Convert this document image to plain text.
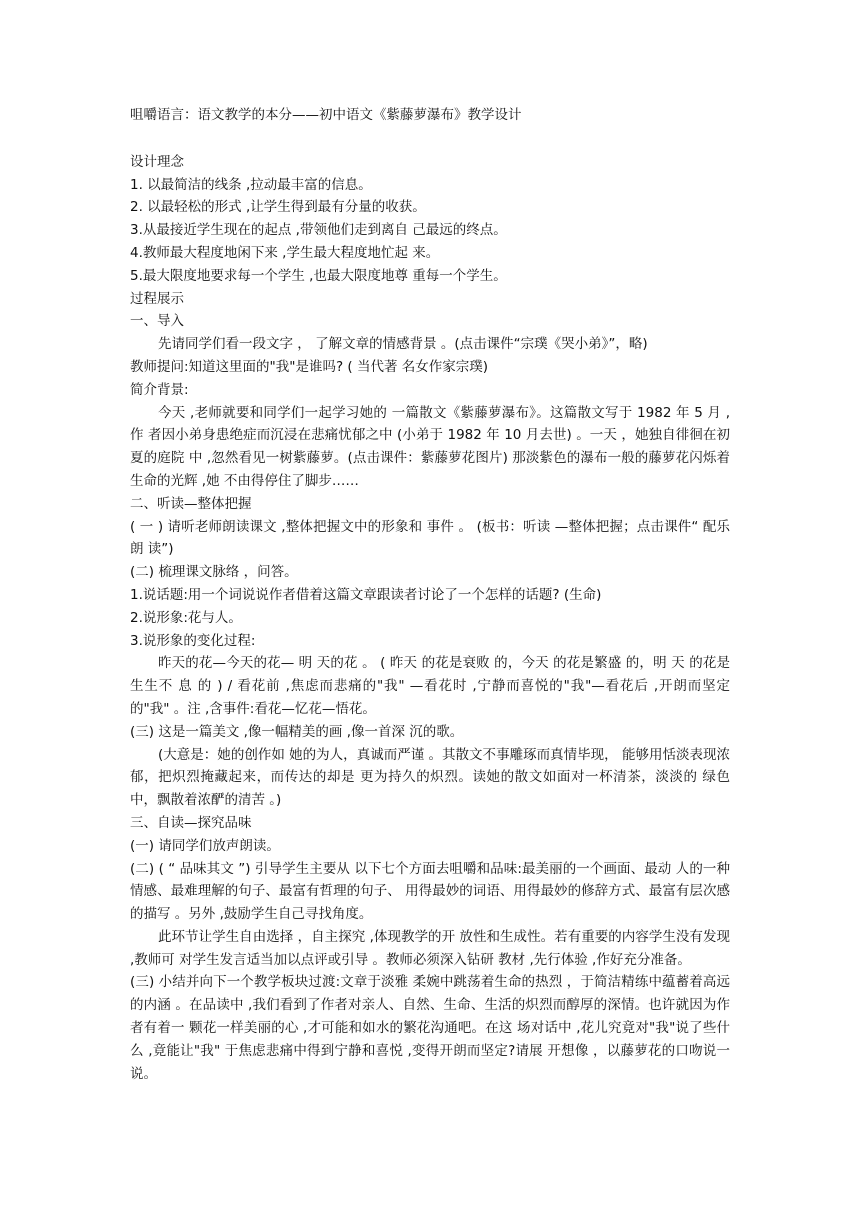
咀嚼语言：语文教学的本分——初中语文《紫藤萝瀑布》教学设计
设计理念
1. 以最简洁的线条 ,拉动最丰富的信息。
2. 以最轻松的形式 ,让学生得到最有分量的收获。
3.从最接近学生现在的起点 ,带领他们走到离自 己最远的终点。
4.教师最大程度地闲下来 ,学生最大程度地忙起 来。
5.最大限度地要求每一个学生 ,也最大限度地尊 重每一个学生。
过程展示
一、导入

先请同学们看一段文字 ， 了解文章的情感背景 。(点击课件“宗璞《哭小弟》”，略)

教师提问:知道这里面的"我"是谁吗? ( 当代著 名女作家宗璞)

简介背景:

今天 ,老师就要和同学们一起学习她的 一篇散文《紫藤萝瀑布》。这篇散文写于 1982 年 5 月 ,作 者因小弟身患绝症而沉浸在悲痛忧郁之中 (小弟于 1982 年 10 月去世) 。一天 ，她独自徘徊在初夏的庭院 中 ,忽然看见一树紫藤萝。(点击课件：紫藤萝花图片) 那淡紫色的瀑布一般的藤萝花闪烁着生命的光辉 ,她 不由得停住了脚步……

二、听读—整体把握

( 一 ) 请听老师朗读课文 ,整体把握文中的形象和 事件 。 (板书：听读 —整体把握；点击课件“ 配乐 朗 读”)

(二) 梳理课文脉络 ，问答。

1.说话题:用一个词说说作者借着这篇文章跟读者讨论了一个怎样的话题? (生命)

2.说形象:花与人。

3.说形象的变化过程:

昨天的花—今天的花— 明 天的花 。 ( 昨天 的花是衰败 的，今天 的花是繁盛 的，明 天 的花是生生不 息 的 ) / 看花前 ,焦虑而悲痛的"我" —看花时 ,宁静而喜悦的"我"—看花后 ,开朗而坚定 的"我" 。注 ,含事件:看花—忆花—悟花。

(三) 这是一篇美文 ,像一幅精美的画 ,像一首深 沉的歌。

(大意是：她的创作如 她的为人，真诚而严谨 。其散文不事雕琢而真情毕现， 能够用恬淡表现浓郁，把炽烈掩藏起来，而传达的却是 更为持久的炽烈。读她的散文如面对一杯清茶，淡淡的 绿色中，飘散着浓酽的清苦 。)

三、自读—探究品味

(一) 请同学们放声朗读。

(二) ( “ 品味其文 ”) 引导学生主要从 以下七个方面去咀嚼和品味:最美丽的一个画面、最动 人的一种情感、最难理解的句子、最富有哲理的句子、 用得最妙的词语、用得最妙的修辞方式、最富有层次感 的描写 。另外 ,鼓励学生自己寻找角度。

此环节让学生自由选择 ，自主探究 ,体现教学的开 放性和生成性。若有重要的内容学生没有发现 ,教师可 对学生发言适当加以点评或引导 。教师必须深入钻研 教材 ,先行体验 ,作好充分准备。

(三) 小结并向下一个教学板块过渡:文章于淡雅 柔婉中跳荡着生命的热烈 ，于简洁精练中蕴蓄着高远 的内涵 。在品读中 ,我们看到了作者对亲人、自然、生命、生活的炽烈而醇厚的深情。也许就因为作者有着一 颗花一样美丽的心 ,才可能和如水的繁花沟通吧。在这 场对话中 ,花儿究竟对"我"说了些什么 ,竟能让"我" 于焦虑悲痛中得到宁静和喜悦 ,变得开朗而坚定?请展 开想像 ，以藤萝花的口吻说一说。
